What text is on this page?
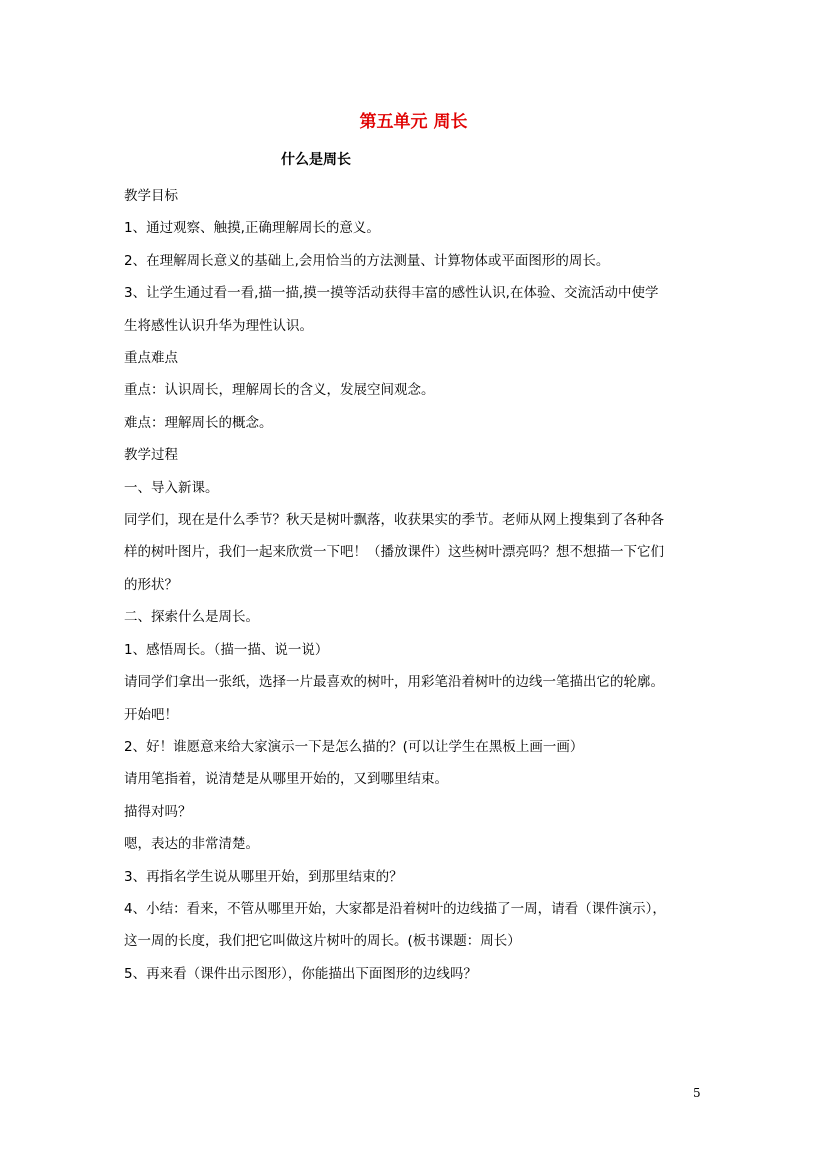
第五单元 周长
什么是周长
教学目标
1、通过观察、触摸,正确理解周长的意义。
2、在理解周长意义的基础上,会用恰当的方法测量、计算物体或平面图形的周长。
3、让学生通过看一看,描一描,摸一摸等活动获得丰富的感性认识,在体验、交流活动中使学
生将感性认识升华为理性认识。
重点难点
重点：认识周长，理解周长的含义，发展空间观念。
难点：理解周长的概念。
教学过程
一、导入新课。
同学们，现在是什么季节？秋天是树叶飘落，收获果实的季节。老师从网上搜集到了各种各
样的树叶图片，我们一起来欣赏一下吧！（播放课件）这些树叶漂亮吗？想不想描一下它们
的形状？
二、探索什么是周长。
1、感悟周长。（描一描、说一说）
请同学们拿出一张纸，选择一片最喜欢的树叶，用彩笔沿着树叶的边线一笔描出它的轮廓。
开始吧！
2、好！谁愿意来给大家演示一下是怎么描的？(可以让学生在黑板上画一画）
请用笔指着，说清楚是从哪里开始的，又到哪里结束。
描得对吗？
嗯，表达的非常清楚。
3、再指名学生说从哪里开始，到那里结束的？
4、小结：看来，不管从哪里开始，大家都是沿着树叶的边线描了一周，请看（课件演示），
这一周的长度，我们把它叫做这片树叶的周长。(板书课题：周长）
5、再来看（课件出示图形），你能描出下面图形的边线吗？
5
